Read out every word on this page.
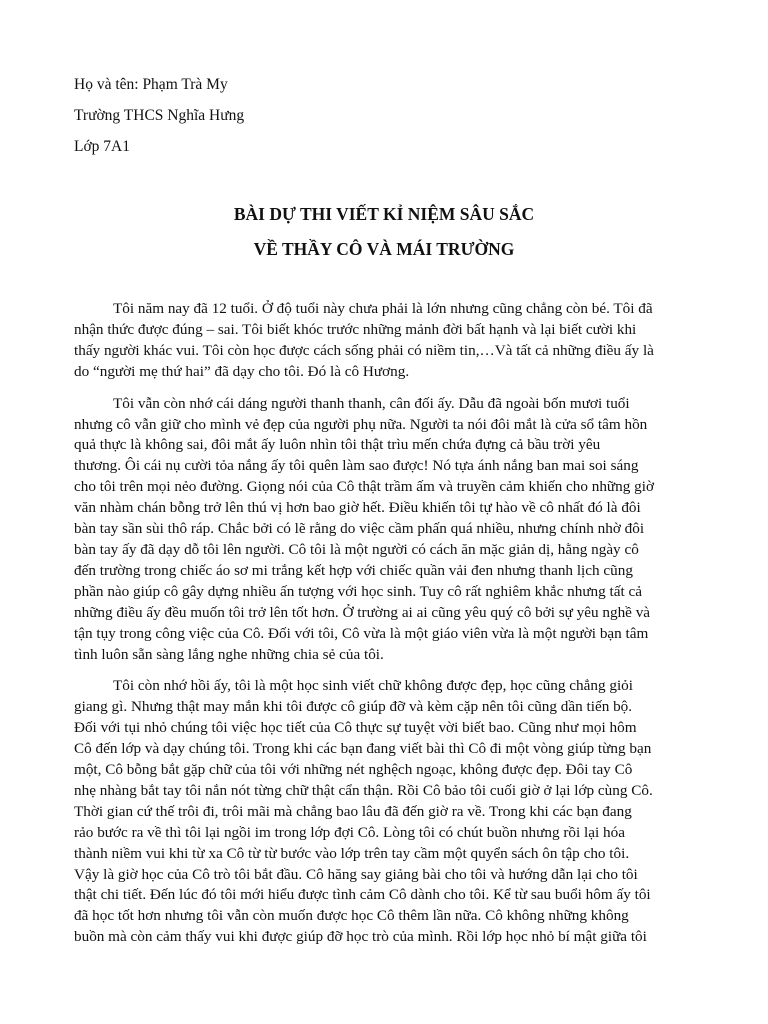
Họ và tên: Phạm Trà My

Trường THCS Nghĩa Hưng

Lớp 7A1

BÀI DỰ THI VIẾT KỈ NIỆM SÂU SẮC
VỀ THẦY CÔ VÀ MÁI TRƯỜNG

Tôi năm nay đã 12 tuổi. Ở độ tuổi này chưa phải là lớn nhưng cũng chẳng còn bé. Tôi đã
nhận thức được đúng – sai. Tôi biết khóc trước những mảnh đời bất hạnh và lại biết cười khi
thấy người khác vui. Tôi còn học được cách sống phải có niềm tin,…Và tất cả những điều ấy là
do “người mẹ thứ hai” đã dạy cho tôi. Đó là cô Hương.

Tôi vẫn còn nhớ cái dáng người thanh thanh, cân đối ấy. Dẫu đã ngoài bốn mươi tuổi
nhưng cô vẫn giữ cho mình vẻ đẹp của người phụ nữa. Người ta nói đôi mắt là cửa sổ tâm hồn
quả thực là không sai, đôi mắt ấy luôn nhìn tôi thật trìu mến chứa đựng cả bầu trời yêu
thương. Ôi cái nụ cười tỏa nắng ấy tôi quên làm sao được! Nó tựa ánh nắng ban mai soi sáng
cho tôi trên mọi nẻo đường. Giọng nói của Cô thật trầm ấm và truyền cảm khiến cho những giờ
văn nhàm chán bỗng trở lên thú vị hơn bao giờ hết. Điều khiến tôi tự hào về cô nhất đó là đôi
bàn tay sần sùi thô ráp. Chắc bởi có lẽ rằng do việc cầm phấn quá nhiều, nhưng chính nhờ đôi
bàn tay ấy đã dạy dỗ tôi lên người. Cô tôi là một người có cách ăn mặc giản dị, hằng ngày cô
đến trường trong chiếc áo sơ mi trắng kết hợp với chiếc quần vải đen nhưng thanh lịch cũng
phần nào giúp cô gây dựng nhiều ấn tượng với học sinh. Tuy cô rất nghiêm khắc nhưng tất cả
những điều ấy đều muốn tôi trở lên tốt hơn. Ở trường ai ai cũng yêu quý cô bởi sự yêu nghề và
tận tụy trong công việc của Cô. Đối với tôi, Cô vừa là một giáo viên vừa là một người bạn tâm
tình luôn sẵn sàng lắng nghe những chia sẻ của tôi.

Tôi còn nhớ hồi ấy, tôi là một học sinh viết chữ không được đẹp, học cũng chẳng giỏi
giang gì. Nhưng thật may mắn khi tôi được cô giúp đỡ và kèm cặp nên tôi cũng dần tiến bộ.
Đối với tụi nhỏ chúng tôi việc học tiết của Cô thực sự tuyệt vời biết bao. Cũng như mọi hôm
Cô đến lớp và dạy chúng tôi. Trong khi các bạn đang viết bài thì Cô đi một vòng giúp từng bạn
một, Cô bỗng bắt gặp chữ của tôi với những nét nghệch ngoạc, không được đẹp. Đôi tay Cô
nhẹ nhàng bắt tay tôi nắn nót từng chữ thật cẩn thận. Rồi Cô bảo tôi cuối giờ ở lại lớp cùng Cô.
Thời gian cứ thế trôi đi, trôi mãi mà chẳng bao lâu đã đến giờ ra về. Trong khi các bạn đang
rảo bước ra về thì tôi lại ngồi im trong lớp đợi Cô. Lòng tôi có chút buồn nhưng rồi lại hóa
thành niềm vui khi từ xa Cô từ từ bước vào lớp trên tay cầm một quyển sách ôn tập cho tôi.
Vậy là giờ học của Cô trò tôi bắt đầu. Cô hăng say giảng bài cho tôi và hướng dẫn lại cho tôi
thật chi tiết. Đến lúc đó tôi mới hiểu được tình cảm Cô dành cho tôi. Kể từ sau buổi hôm ấy tôi
đã học tốt hơn nhưng tôi vẫn còn muốn được học Cô thêm lần nữa. Cô không những không
buồn mà còn cảm thấy vui khi được giúp đỡ học trò của mình. Rồi lớp học nhỏ bí mật giữa tôi
